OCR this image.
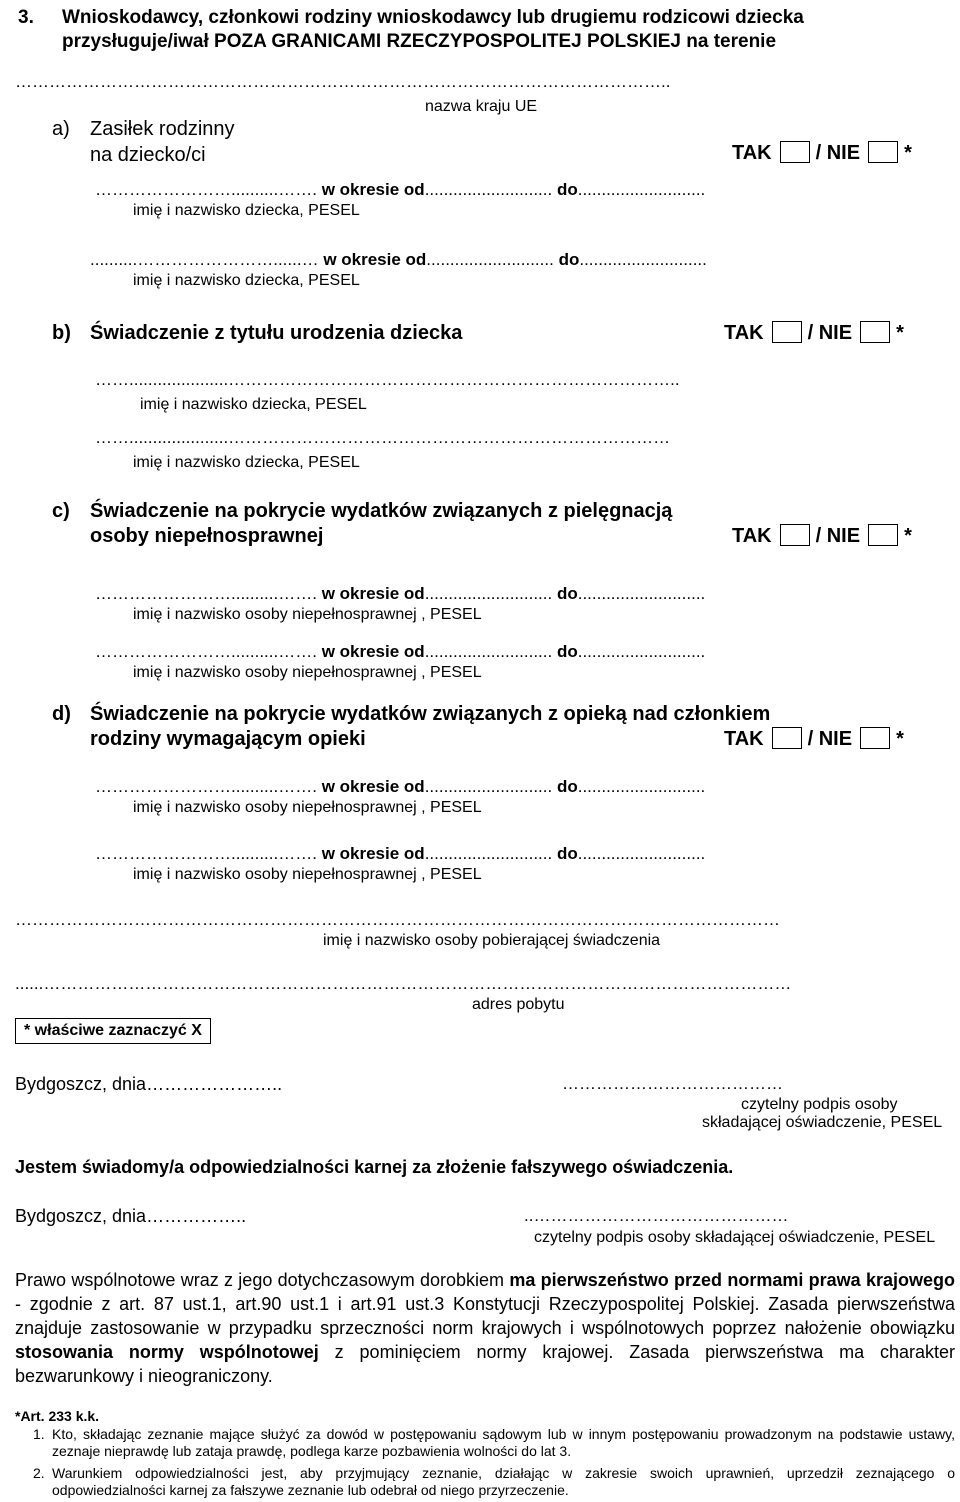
3. Wnioskodawcy, członkowi rodziny wnioskodawcy lub drugiemu rodzicowi dziecka
przysługuje/iwał POZA GRANICAMI RZECZYPOSPOLITEJ POLSKIEJ na terenie
……………………………………………………………………………………………………..
nazwa kraju UE
a) Zasiłek rodzinny
na dziecko/ci	TAK / NIE *
……………………..........……. w okresie od........................... do...........................
imię i nazwisko dziecka, PESEL
..........……………………......… w okresie od........................... do...........................
imię i nazwisko dziecka, PESEL
b) Świadczenie z tytułu urodzenia dziecka	TAK / NIE *
…….....................……………………………………………………………………..
imię i nazwisko dziecka, PESEL
…….....................……………………………………………………………………
imię i nazwisko dziecka, PESEL
c) Świadczenie na pokrycie wydatków związanych z pielęgnacją
osoby niepełnosprawnej	TAK / NIE *
……………………..........……. w okresie od........................... do...........................
imię i nazwisko osoby niepełnosprawnej , PESEL
……………………..........……. w okresie od........................... do...........................
imię i nazwisko osoby niepełnosprawnej , PESEL
d) Świadczenie na pokrycie wydatków związanych z opieką nad członkiem
rodziny wymagającym opieki	TAK / NIE *
……………………..........……. w okresie od........................... do...........................
imię i nazwisko osoby niepełnosprawnej , PESEL
……………………..........……. w okresie od........................... do...........................
imię i nazwisko osoby niepełnosprawnej , PESEL
………………………………………………………………………………………………………………………
imię i nazwisko osoby pobierającej świadczenia
......……………………………………………………………………………………………………………………
adres pobytu
* właściwe zaznaczyć X
Bydgoszcz, dnia…………………..	…………………………………
czytelny podpis osoby
składającej oświadczenie, PESEL
Jestem świadomy/a odpowiedzialności karnej za złożenie fałszywego oświadczenia.
Bydgoszcz, dnia……………..	..………………………………………
czytelny podpis osoby składającej oświadczenie, PESEL
Prawo wspólnotowe wraz z jego dotychczasowym dorobkiem ma pierwszeństwo przed normami prawa krajowego - zgodnie z art. 87 ust.1, art.90 ust.1 i art.91 ust.3 Konstytucji Rzeczypospolitej Polskiej. Zasada pierwszeństwa znajduje zastosowanie w przypadku sprzeczności norm krajowych i wspólnotowych poprzez nałożenie obowiązku stosowania normy wspólnotowej z pominięciem normy krajowej. Zasada pierwszeństwa ma charakter bezwarunkowy i nieograniczony.
*Art. 233 k.k.
1. Kto, składając zeznanie mające służyć za dowód w postępowaniu sądowym lub w innym postępowaniu prowadzonym na podstawie ustawy, zeznaje nieprawdę lub zataja prawdę, podlega karze pozbawienia wolności do lat 3.
2. Warunkiem odpowiedzialności jest, aby przyjmujący zeznanie, działając w zakresie swoich uprawnień, uprzedził zeznającego o odpowiedzialności karnej za fałszywe zeznanie lub odebrał od niego przyrzeczenie.
